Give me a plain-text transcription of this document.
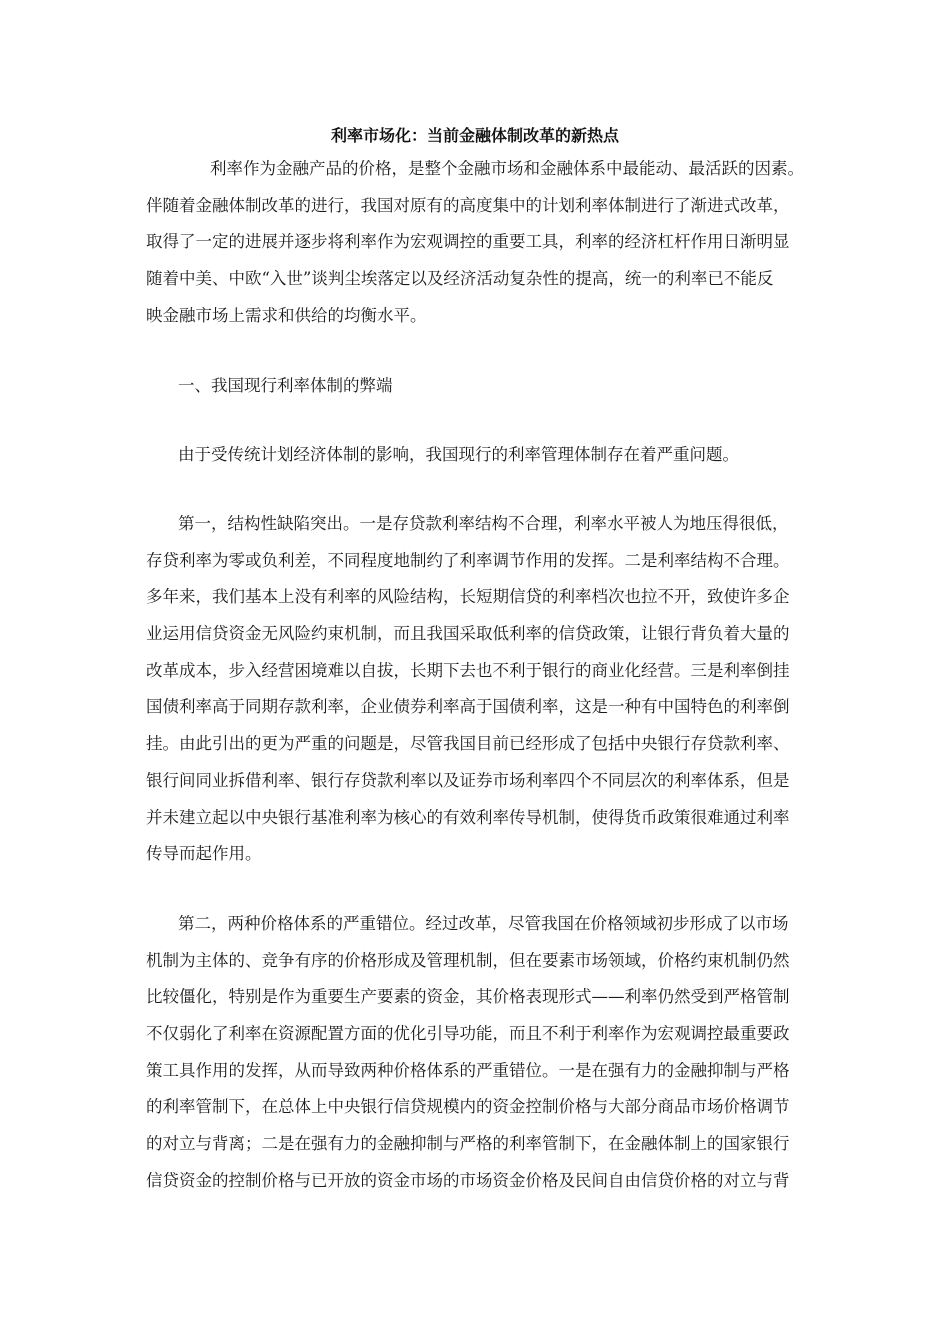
利率市场化：当前金融体制改革的新热点
利率作为金融产品的价格，是整个金融市场和金融体系中最能动、最活跃的因素。
伴随着金融体制改革的进行，我国对原有的高度集中的计划利率体制进行了渐进式改革，
取得了一定的进展并逐步将利率作为宏观调控的重要工具，利率的经济杠杆作用日渐明显
随着中美、中欧“入世”谈判尘埃落定以及经济活动复杂性的提高，统一的利率已不能反
映金融市场上需求和供给的均衡水平。
一、我国现行利率体制的弊端
由于受传统计划经济体制的影响，我国现行的利率管理体制存在着严重问题。
第一，结构性缺陷突出。一是存贷款利率结构不合理，利率水平被人为地压得很低，
存贷利率为零或负利差，不同程度地制约了利率调节作用的发挥。二是利率结构不合理。
多年来，我们基本上没有利率的风险结构，长短期信贷的利率档次也拉不开，致使许多企
业运用信贷资金无风险约束机制，而且我国采取低利率的信贷政策，让银行背负着大量的
改革成本，步入经营困境难以自拔，长期下去也不利于银行的商业化经营。三是利率倒挂
国债利率高于同期存款利率，企业债券利率高于国债利率，这是一种有中国特色的利率倒
挂。由此引出的更为严重的问题是，尽管我国目前已经形成了包括中央银行存贷款利率、
银行间同业拆借利率、银行存贷款利率以及证券市场利率四个不同层次的利率体系，但是
并未建立起以中央银行基准利率为核心的有效利率传导机制，使得货币政策很难通过利率
传导而起作用。
第二，两种价格体系的严重错位。经过改革，尽管我国在价格领域初步形成了以市场
机制为主体的、竞争有序的价格形成及管理机制，但在要素市场领域，价格约束机制仍然
比较僵化，特别是作为重要生产要素的资金，其价格表现形式——利率仍然受到严格管制
不仅弱化了利率在资源配置方面的优化引导功能，而且不利于利率作为宏观调控最重要政
策工具作用的发挥，从而导致两种价格体系的严重错位。一是在强有力的金融抑制与严格
的利率管制下，在总体上中央银行信贷规模内的资金控制价格与大部分商品市场价格调节
的对立与背离；二是在强有力的金融抑制与严格的利率管制下，在金融体制上的国家银行
信贷资金的控制价格与已开放的资金市场的市场资金价格及民间自由信贷价格的对立与背
